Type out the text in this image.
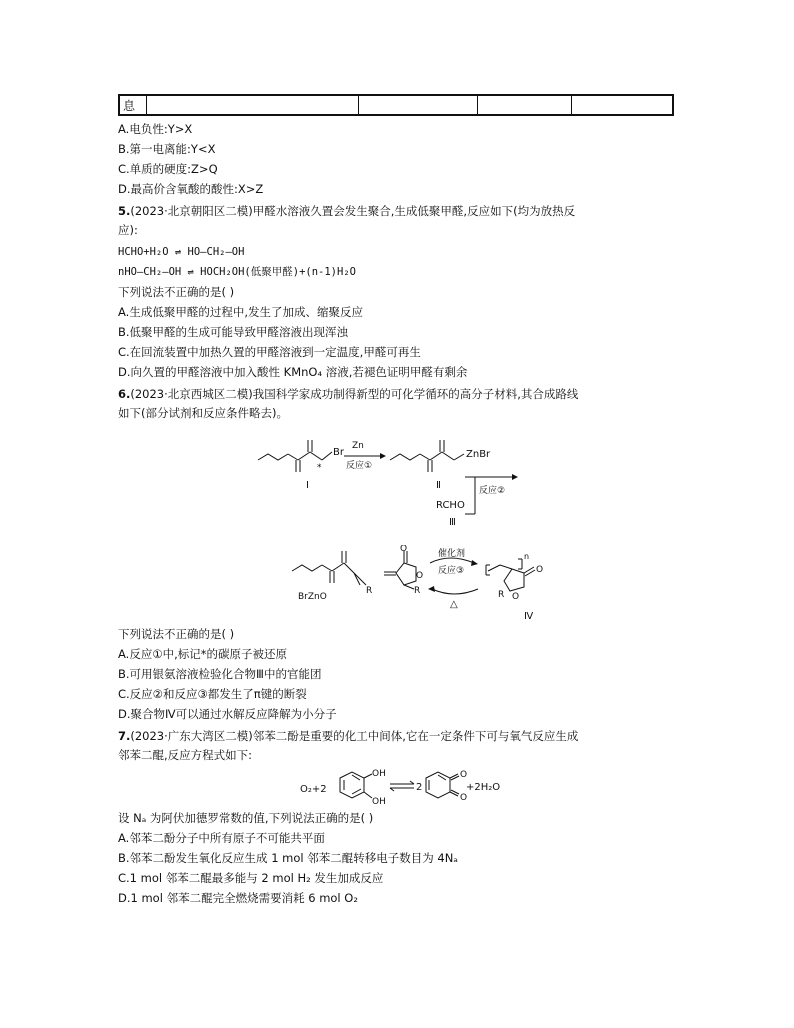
息				
A.电负性:Y>X
B.第一电离能:Y<X
C.单质的硬度:Z>Q
D.最高价含氧酸的酸性:X>Z
5.(2023·北京朝阳区二模)甲醛水溶液久置会发生聚合,生成低聚甲醛,反应如下(均为放热反
应):
HCHO+H₂O ⇌ HO—CH₂—OH
nHO—CH₂—OH ⇌ HOCH₂OH(低聚甲醛)+(n-1)H₂O
下列说法不正确的是( )
A.生成低聚甲醛的过程中,发生了加成、缩聚反应
B.低聚甲醛的生成可能导致甲醛溶液出现浑浊
C.在回流装置中加热久置的甲醛溶液到一定温度,甲醛可再生
D.向久置的甲醛溶液中加入酸性 KMnO₄ 溶液,若褪色证明甲醛有剩余
6.(2023·北京西城区二模)我国科学家成功制得新型的可化学循环的高分子材料,其合成路线
如下(部分试剂和反应条件略去)。
Br
*
Ⅰ
Zn
反应①
ZnBr
Ⅱ	反应②
RCHO
Ⅲ
BrZnO
R
O
O
R
催化剂
反应③
△
n
O
O
R
Ⅳ
下列说法不正确的是( )
A.反应①中,标记*的碳原子被还原
B.可用银氨溶液检验化合物Ⅲ中的官能团
C.反应②和反应③都发生了π键的断裂
D.聚合物Ⅳ可以通过水解反应降解为小分子
7.(2023·广东大湾区二模)邻苯二酚是重要的化工中间体,它在一定条件下可与氧气反应生成
邻苯二醌,反应方程式如下:
O₂+2
OH
OH
2
O
O
+2H₂O
设 Nₐ 为阿伏加德罗常数的值,下列说法正确的是( )
A.邻苯二酚分子中所有原子不可能共平面
B.邻苯二酚发生氧化反应生成 1 mol 邻苯二醌转移电子数目为 4Nₐ
C.1 mol 邻苯二醌最多能与 2 mol H₂ 发生加成反应
D.1 mol 邻苯二醌完全燃烧需要消耗 6 mol O₂
